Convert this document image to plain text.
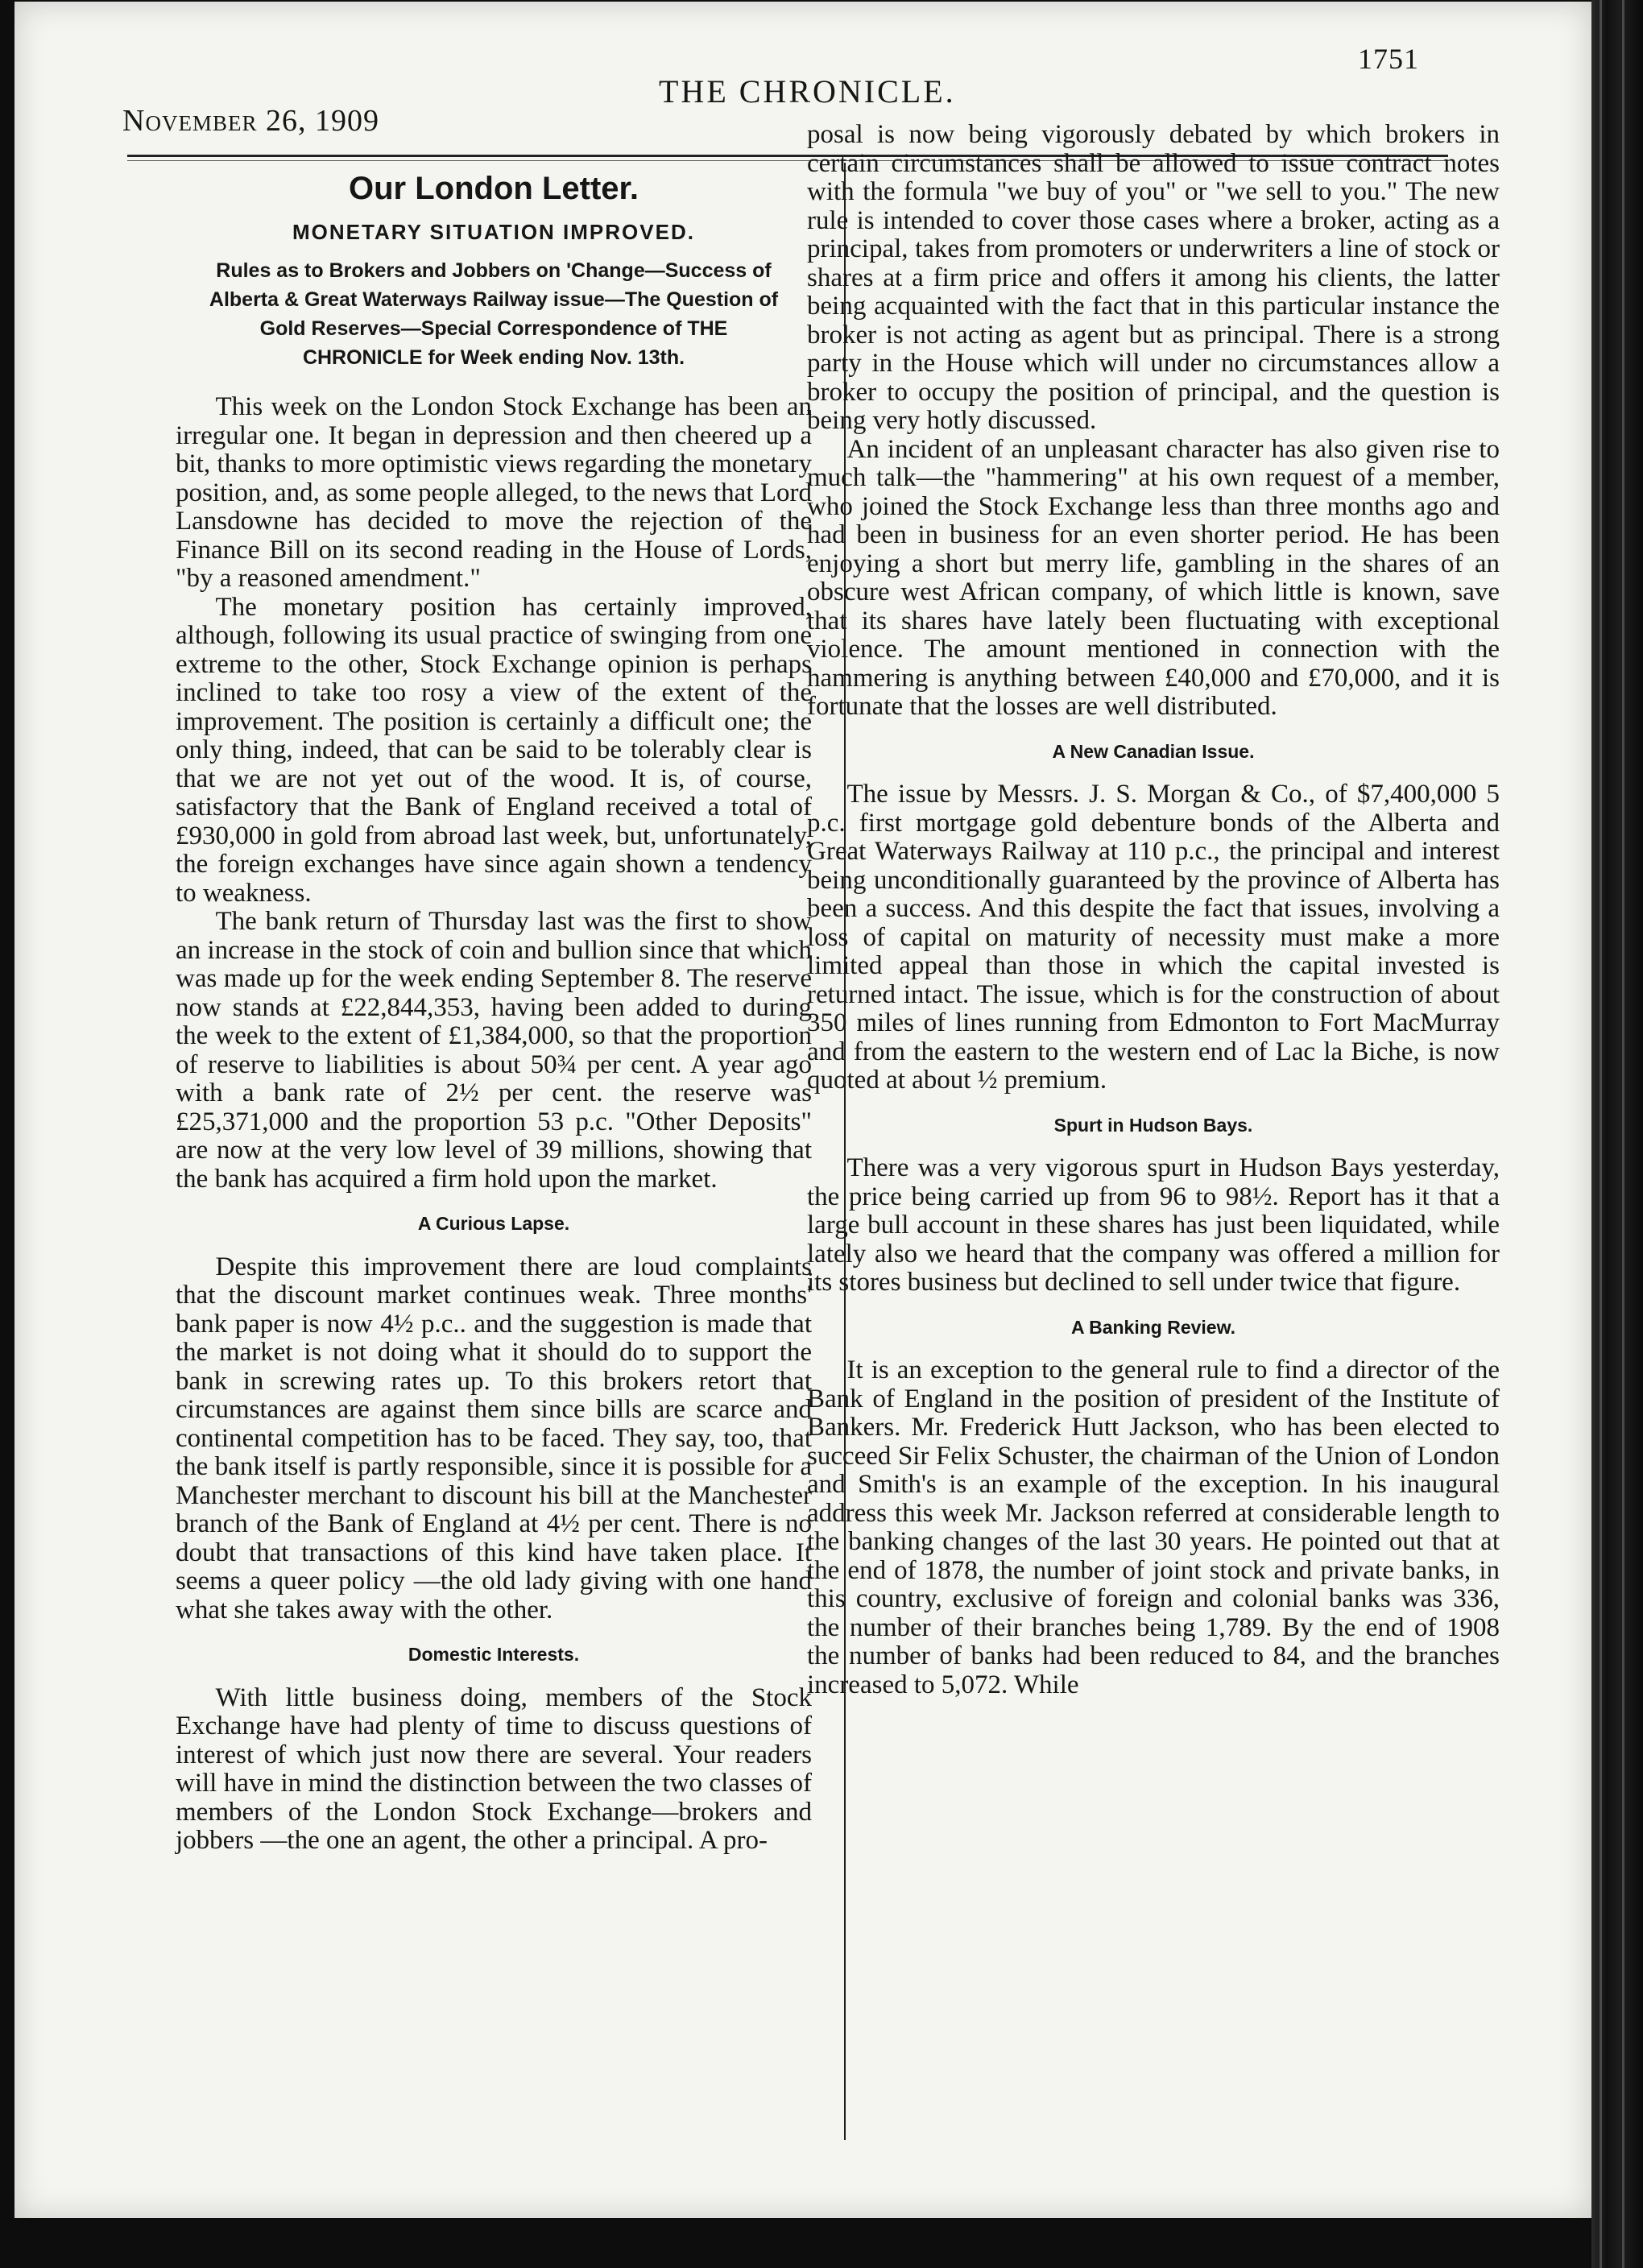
1751
November 26, 1909
THE CHRONICLE.
Our London Letter.
MONETARY SITUATION IMPROVED.
Rules as to Brokers and Jobbers on 'Change—Success of Alberta & Great Waterways Railway issue—The Question of Gold Reserves—Special Correspondence of THE CHRONICLE for Week ending Nov. 13th.

This week on the London Stock Exchange has been an irregular one. It began in depression and then cheered up a bit, thanks to more optimistic views regarding the monetary position, and, as some people alleged, to the news that Lord Lansdowne has decided to move the rejection of the Finance Bill on its second reading in the House of Lords, "by a reasoned amendment."

The monetary position has certainly improved, although, following its usual practice of swinging from one extreme to the other, Stock Exchange opinion is perhaps inclined to take too rosy a view of the extent of the improvement. The position is certainly a difficult one; the only thing, indeed, that can be said to be tolerably clear is that we are not yet out of the wood. It is, of course, satisfactory that the Bank of England received a total of £930,000 in gold from abroad last week, but, unfortunately, the foreign exchanges have since again shown a tendency to weakness.

The bank return of Thursday last was the first to show an increase in the stock of coin and bullion since that which was made up for the week ending September 8. The reserve now stands at £22,844,353, having been added to during the week to the extent of £1,384,000, so that the proportion of reserve to liabilities is about 50¾ per cent. A year ago with a bank rate of 2½ per cent. the reserve was £25,371,000 and the proportion 53 p.c. "Other Deposits" are now at the very low level of 39 millions, showing that the bank has acquired a firm hold upon the market.

A Curious Lapse.

Despite this improvement there are loud complaints that the discount market continues weak. Three months' bank paper is now 4½ p.c.. and the suggestion is made that the market is not doing what it should do to support the bank in screwing rates up. To this brokers retort that circumstances are against them since bills are scarce and continental competition has to be faced. They say, too, that the bank itself is partly responsible, since it is possible for a Manchester merchant to discount his bill at the Manchester branch of the Bank of England at 4½ per cent. There is no doubt that transactions of this kind have taken place. It seems a queer policy —the old lady giving with one hand what she takes away with the other.

Domestic Interests.

With little business doing, members of the Stock Exchange have had plenty of time to discuss questions of interest of which just now there are several. Your readers will have in mind the distinction between the two classes of members of the London Stock Exchange—brokers and jobbers —the one an agent, the other a principal. A pro-

posal is now being vigorously debated by which brokers in certain circumstances shall be allowed to issue contract notes with the formula "we buy of you" or "we sell to you." The new rule is intended to cover those cases where a broker, acting as a principal, takes from promoters or underwriters a line of stock or shares at a firm price and offers it among his clients, the latter being acquainted with the fact that in this particular instance the broker is not acting as agent but as principal. There is a strong party in the House which will under no circumstances allow a broker to occupy the position of principal, and the question is being very hotly discussed.

An incident of an unpleasant character has also given rise to much talk—the "hammering" at his own request of a member, who joined the Stock Exchange less than three months ago and had been in business for an even shorter period. He has been enjoying a short but merry life, gambling in the shares of an obscure west African company, of which little is known, save that its shares have lately been fluctuating with exceptional violence. The amount mentioned in connection with the hammering is anything between £40,000 and £70,000, and it is fortunate that the losses are well distributed.

A New Canadian Issue.

The issue by Messrs. J. S. Morgan & Co., of $7,400,000 5 p.c. first mortgage gold debenture bonds of the Alberta and Great Waterways Railway at 110 p.c., the principal and interest being unconditionally guaranteed by the province of Alberta has been a success. And this despite the fact that issues, involving a loss of capital on maturity of necessity must make a more limited appeal than those in which the capital invested is returned intact. The issue, which is for the construction of about 350 miles of lines running from Edmonton to Fort MacMurray and from the eastern to the western end of Lac la Biche, is now quoted at about ½ premium.

Spurt in Hudson Bays.

There was a very vigorous spurt in Hudson Bays yesterday, the price being carried up from 96 to 98½. Report has it that a large bull account in these shares has just been liquidated, while lately also we heard that the company was offered a million for its stores business but declined to sell under twice that figure.

A Banking Review.

It is an exception to the general rule to find a director of the Bank of England in the position of president of the Institute of Bankers. Mr. Frederick Hutt Jackson, who has been elected to succeed Sir Felix Schuster, the chairman of the Union of London and Smith's is an example of the exception. In his inaugural address this week Mr. Jackson referred at considerable length to the banking changes of the last 30 years. He pointed out that at the end of 1878, the number of joint stock and private banks, in this country, exclusive of foreign and colonial banks was 336, the number of their branches being 1,789. By the end of 1908 the number of banks had been reduced to 84, and the branches increased to 5,072. While
